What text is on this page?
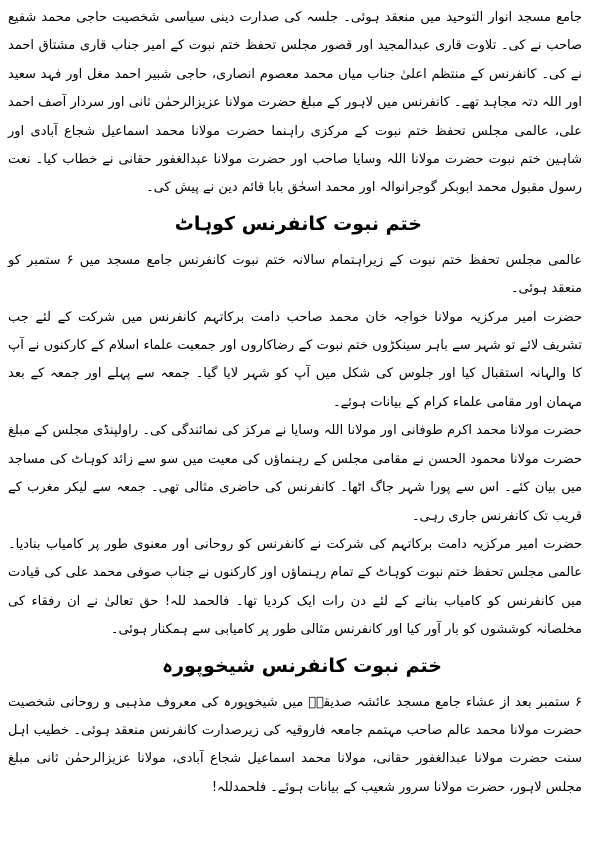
جامع مسجد انوار التوحید میں منعقد ہوئی۔ جلسہ کی صدارت دینی سیاسی شخصیت حاجی محمد شفیع صاحب نے کی۔ تلاوت قاری عبدالمجید اور قصور مجلس تحفظ ختم نبوت کے امیر جناب قاری مشتاق احمد نے کی۔ کانفرنس کے منتظم اعلیٰ جناب میاں محمد معصوم انصاری، حاجی شبیر احمد مغل اور فہد سعید اور اللہ دتہ مجاہد تھے۔ کانفرنس میں لاہور کے مبلغ حضرت مولانا عزیزالرحمٰن ثانی اور سردار آصف احمد علی، عالمی مجلس تحفظ ختم نبوت کے مرکزی راہنما حضرت مولانا محمد اسماعیل شجاع آبادی اور شاہین ختم نبوت حضرت مولانا اللہ وسایا صاحب اور حضرت مولانا عبدالغفور حقانی نے خطاب کیا۔ نعت رسول مقبول محمد ابوبکر گوجرانوالہ اور محمد اسحٰق بابا قائم دین نے پیش کی۔

ختم نبوت کانفرنس کوہاٹ

عالمی مجلس تحفظ ختم نبوت کے زیراہتمام سالانہ ختم نبوت کانفرنس جامع مسجد میں ۶ ستمبر کو منعقد ہوئی۔

حضرت امیر مرکزیہ مولانا خواجہ خان محمد صاحب دامت برکاتہم کانفرنس میں شرکت کے لئے جب تشریف لائے تو شہر سے باہر سینکڑوں ختم نبوت کے رضاکاروں اور جمعیت علماء اسلام کے کارکنوں نے آپ کا والہانہ استقبال کیا اور جلوس کی شکل میں آپ کو شہر لایا گیا۔ جمعہ سے پہلے اور جمعہ کے بعد مہمان اور مقامی علماء کرام کے بیانات ہوئے۔

حضرت مولانا محمد اکرم طوفانی اور مولانا اللہ وسایا نے مرکز کی نمائندگی کی۔ راولپنڈی مجلس کے مبلغ حضرت مولانا محمود الحسن نے مقامی مجلس کے رہنماؤں کی معیت میں سو سے زائد کوہاٹ کی مساجد میں بیان کئے۔ اس سے پورا شہر جاگ اٹھا۔ کانفرنس کی حاضری مثالی تھی۔ جمعہ سے لیکر مغرب کے قریب تک کانفرنس جاری رہی۔

حضرت امیر مرکزیہ دامت برکاتہم کی شرکت نے کانفرنس کو روحانی اور معنوی طور پر کامیاب بنادیا۔ عالمی مجلس تحفظ ختم نبوت کوہاٹ کے تمام رہنماؤں اور کارکنوں نے جناب صوفی محمد علی کی قیادت میں کانفرنس کو کامیاب بنانے کے لئے دن رات ایک کردیا تھا۔ فالحمد للہ! حق تعالیٰ نے ان رفقاء کی مخلصانہ کوششوں کو بار آور کیا اور کانفرنس مثالی طور پر کامیابی سے ہمکنار ہوئی۔

ختم نبوت کانفرنس شیخوپورہ

۶ ستمبر بعد از عشاء جامع مسجد عائشہ صدیقہؓ میں شیخوپورہ کی معروف مذہبی و روحانی شخصیت حضرت مولانا محمد عالم صاحب مہتمم جامعہ فاروقیہ کی زیرصدارت کانفرنس منعقد ہوئی۔ خطیب اہل سنت حضرت مولانا عبدالغفور حقانی، مولانا محمد اسماعیل شجاع آبادی، مولانا عزیزالرحمٰن ثانی مبلغ مجلس لاہور، حضرت مولانا سرور شعیب کے بیانات ہوئے۔ فلحمدللہ!
